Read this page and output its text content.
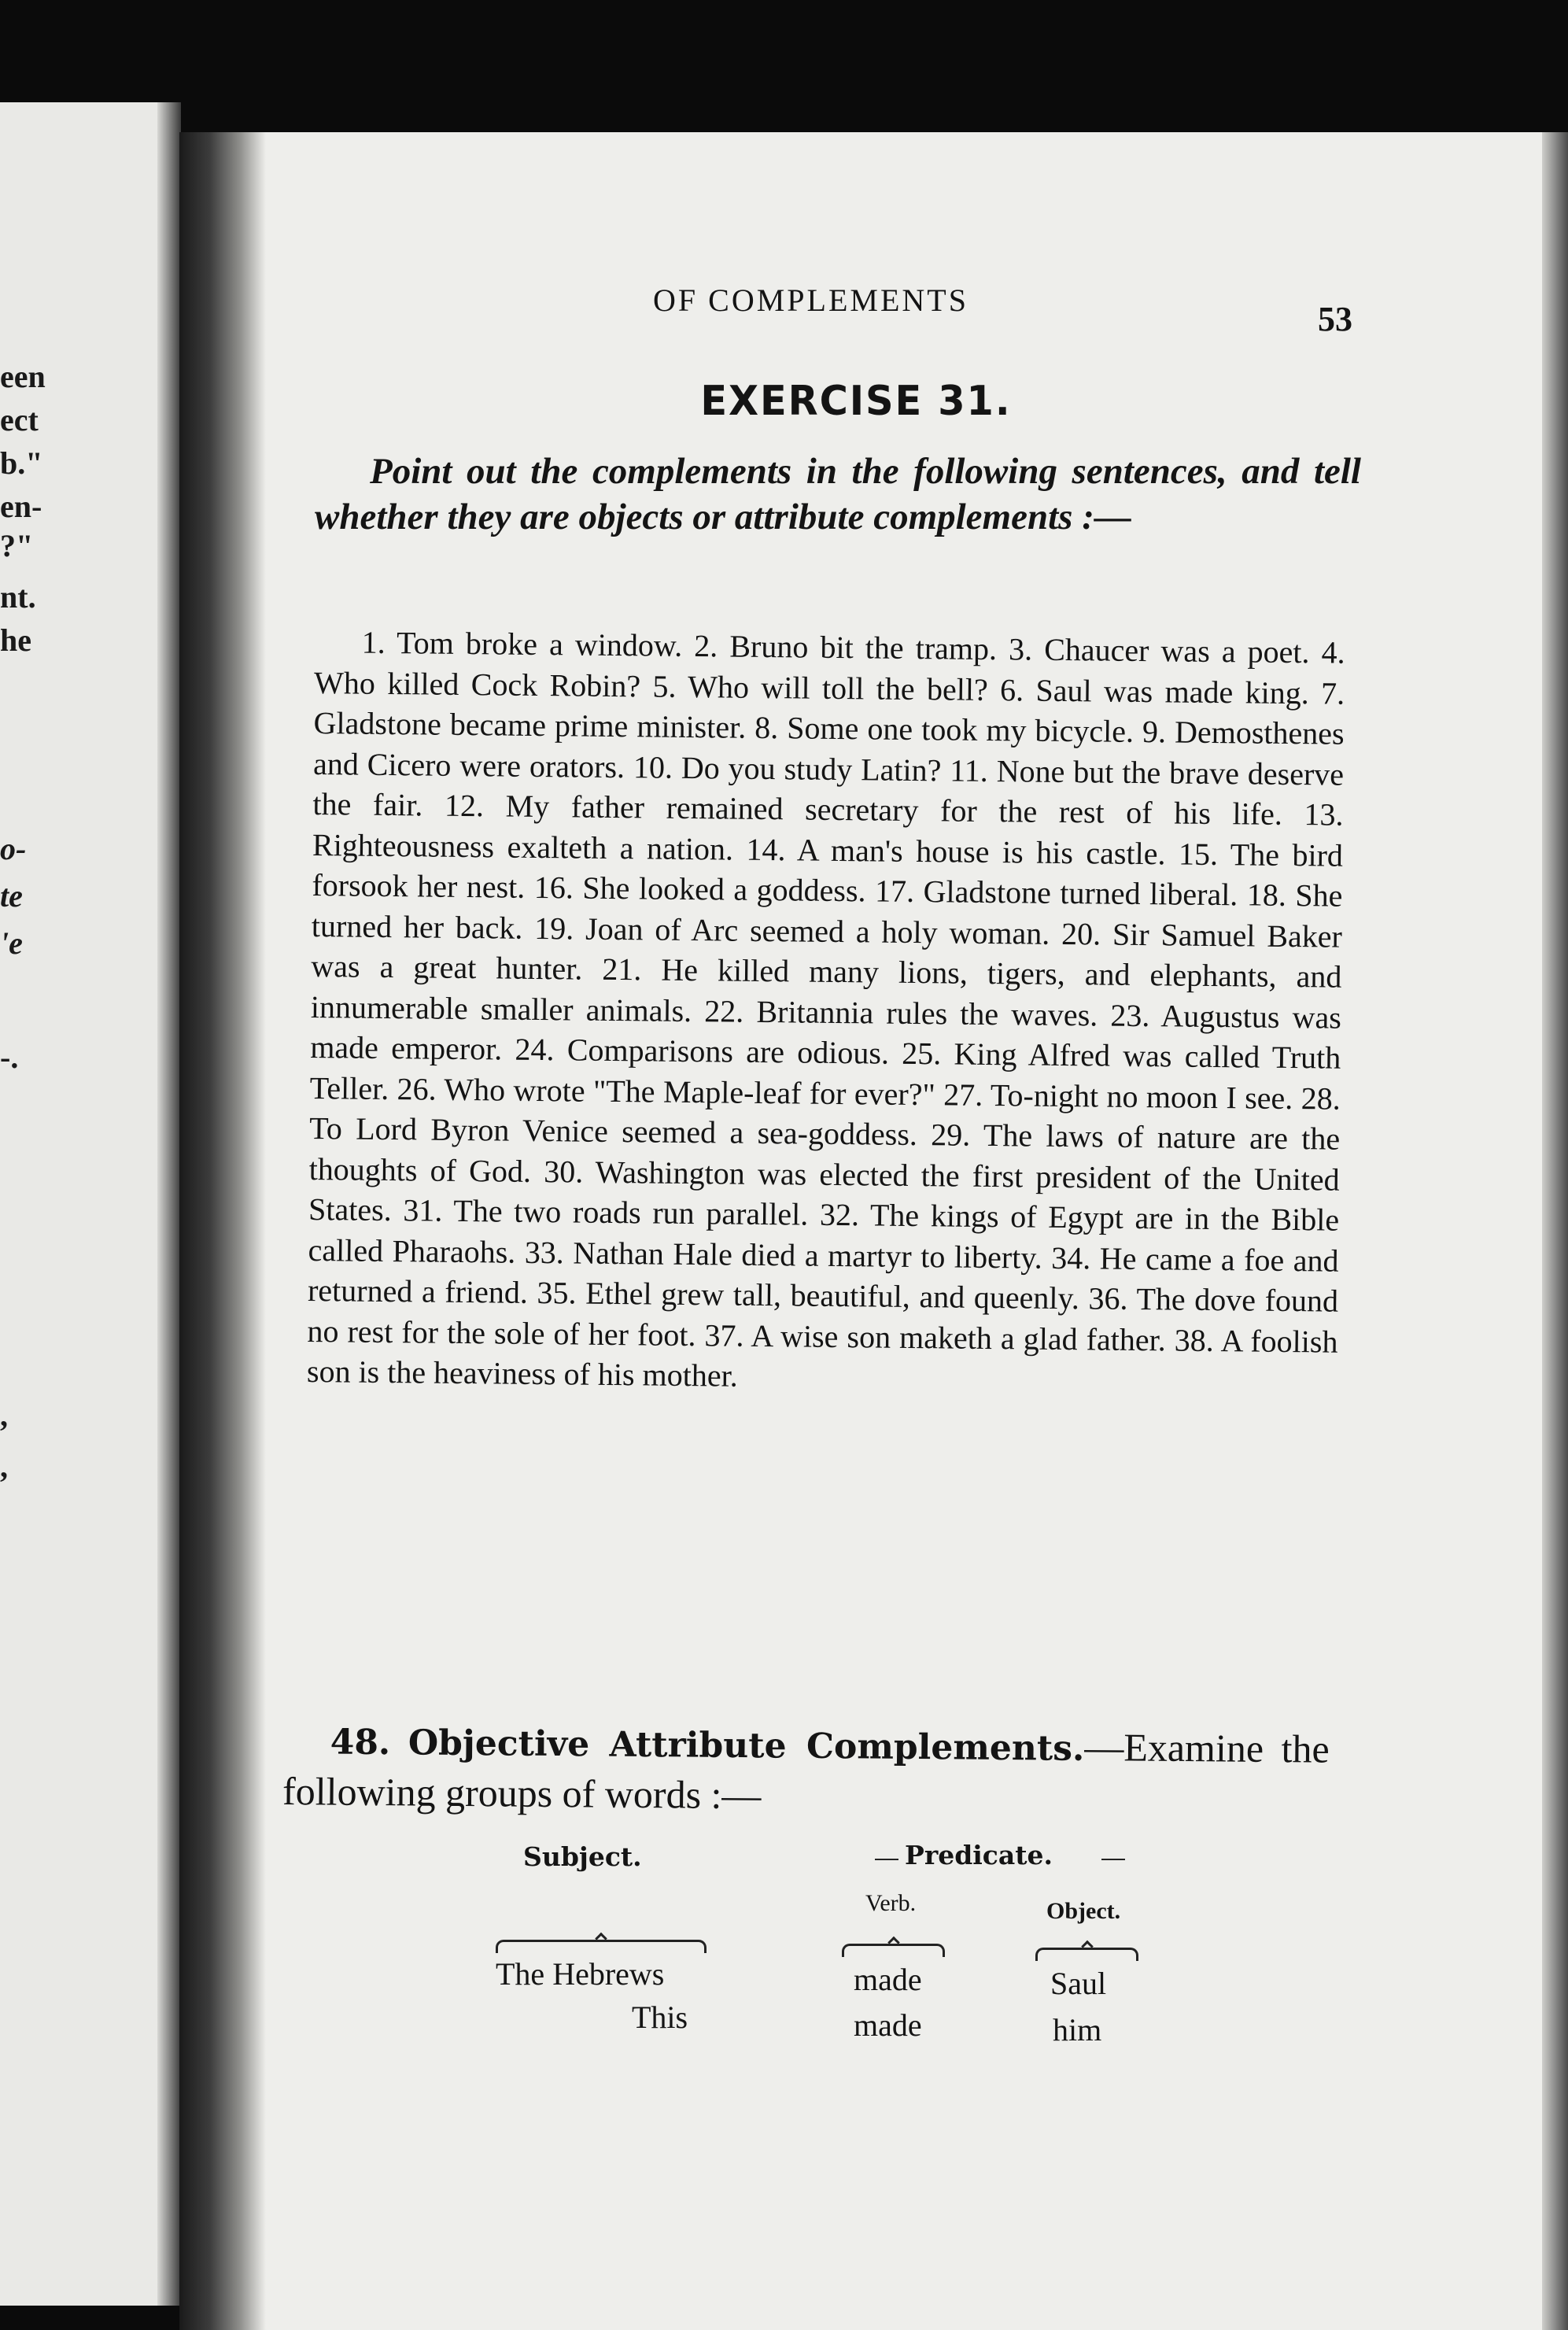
een
ect
b."
en-
?"
nt.
he
o-
te
'e
-.
,
,
OF COMPLEMENTS	53
EXERCISE 31.
Point out the complements in the following sentences, and tell whether they are objects or attribute complements :—
1. Tom broke a window. 2. Bruno bit the tramp. 3. Chaucer was a poet. 4. Who killed Cock Robin? 5. Who will toll the bell? 6. Saul was made king. 7. Gladstone became prime minister. 8. Some one took my bicycle. 9. Demosthenes and Cicero were orators. 10. Do you study Latin? 11. None but the brave deserve the fair. 12. My father remained secretary for the rest of his life. 13. Righteousness exalteth a nation. 14. A man's house is his castle. 15. The bird forsook her nest. 16. She looked a goddess. 17. Gladstone turned liberal. 18. She turned her back. 19. Joan of Arc seemed a holy woman. 20. Sir Samuel Baker was a great hunter. 21. He killed many lions, tigers, and elephants, and innumerable smaller animals. 22. Britannia rules the waves. 23. Augustus was made emperor. 24. Comparisons are odious. 25. King Alfred was called Truth Teller. 26. Who wrote "The Maple-leaf for ever?" 27. To-night no moon I see. 28. To Lord Byron Venice seemed a sea-goddess. 29. The laws of nature are the thoughts of God. 30. Washington was elected the first president of the United States. 31. The two roads run parallel. 32. The kings of Egypt are in the Bible called Pharaohs. 33. Nathan Hale died a martyr to liberty. 34. He came a foe and returned a friend. 35. Ethel grew tall, beautiful, and queenly. 36. The dove found no rest for the sole of her foot. 37. A wise son maketh a glad father. 38. A foolish son is the heaviness of his mother.
48. Objective Attribute Complements.—Examine the following groups of words :—
Subject.	Predicate.
Verb.	Object.
The Hebrews	made	Saul
This	made	him
